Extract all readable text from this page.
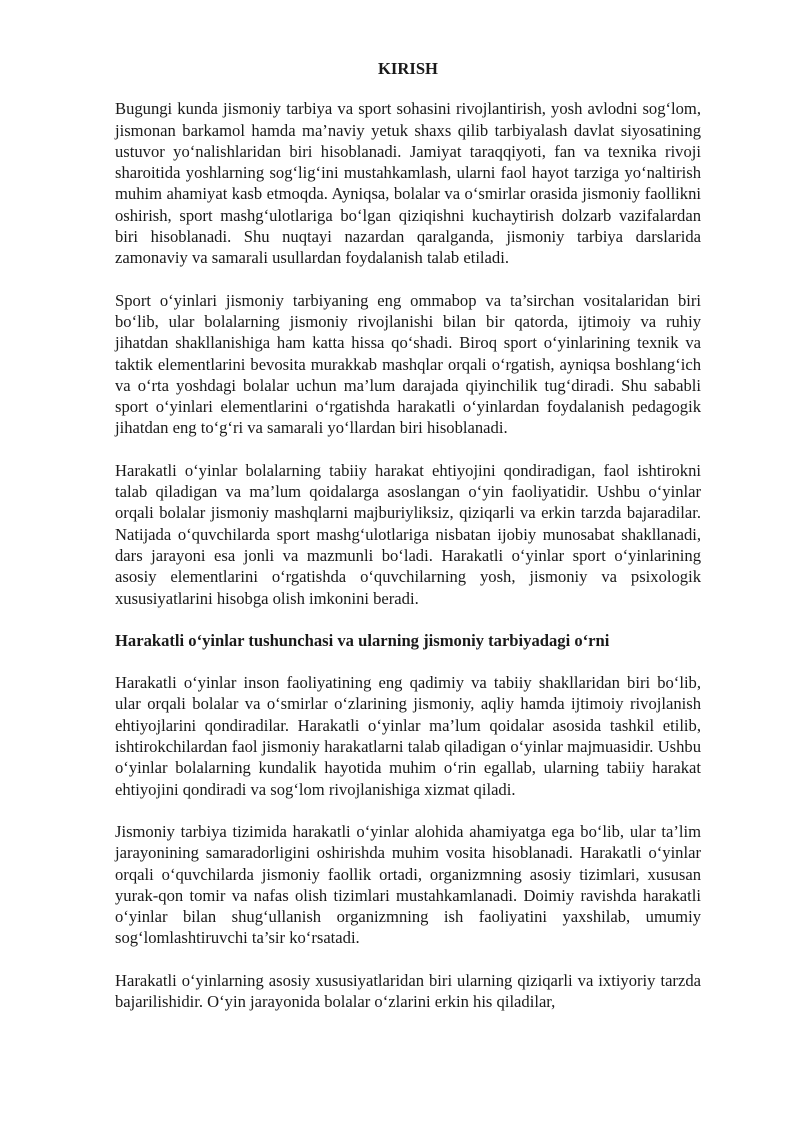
KIRISH

Bugungi kunda jismoniy tarbiya va sport sohasini rivojlantirish, yosh avlodni sog‘lom, jismonan barkamol hamda ma’naviy yetuk shaxs qilib tarbiyalash davlat siyosatining ustuvor yo‘nalishlaridan biri hisoblanadi. Jamiyat taraqqiyoti, fan va texnika rivoji sharoitida yoshlarning sog‘lig‘ini mustahkamlash, ularni faol hayot tarziga yo‘naltirish muhim ahamiyat kasb etmoqda. Ayniqsa, bolalar va o‘smirlar orasida jismoniy faollikni oshirish, sport mashg‘ulotlariga bo‘lgan qiziqishni kuchaytirish dolzarb vazifalardan biri hisoblanadi. Shu nuqtayi nazardan qaralganda, jismoniy tarbiya darslarida zamonaviy va samarali usullardan foydalanish talab etiladi.

Sport o‘yinlari jismoniy tarbiyaning eng ommabop va ta’sirchan vositalaridan biri bo‘lib, ular bolalarning jismoniy rivojlanishi bilan bir qatorda, ijtimoiy va ruhiy jihatdan shakllanishiga ham katta hissa qo‘shadi. Biroq sport o‘yinlarining texnik va taktik elementlarini bevosita murakkab mashqlar orqali o‘rgatish, ayniqsa boshlang‘ich va o‘rta yoshdagi bolalar uchun ma’lum darajada qiyinchilik tug‘diradi. Shu sababli sport o‘yinlari elementlarini o‘rgatishda harakatli o‘yinlardan foydalanish pedagogik jihatdan eng to‘g‘ri va samarali yo‘llardan biri hisoblanadi.

Harakatli o‘yinlar bolalarning tabiiy harakat ehtiyojini qondiradigan, faol ishtirokni talab qiladigan va ma’lum qoidalarga asoslangan o‘yin faoliyatidir. Ushbu o‘yinlar orqali bolalar jismoniy mashqlarni majburiyliksiz, qiziqarli va erkin tarzda bajaradilar. Natijada o‘quvchilarda sport mashg‘ulotlariga nisbatan ijobiy munosabat shakllanadi, dars jarayoni esa jonli va mazmunli bo‘ladi. Harakatli o‘yinlar sport o‘yinlarining asosiy elementlarini o‘rgatishda o‘quvchilarning yosh, jismoniy va psixologik xususiyatlarini hisobga olish imkonini beradi.

Harakatli o‘yinlar tushunchasi va ularning jismoniy tarbiyadagi o‘rni

Harakatli o‘yinlar inson faoliyatining eng qadimiy va tabiiy shakllaridan biri bo‘lib, ular orqali bolalar va o‘smirlar o‘zlarining jismoniy, aqliy hamda ijtimoiy rivojlanish ehtiyojlarini qondiradilar. Harakatli o‘yinlar ma’lum qoidalar asosida tashkil etilib, ishtirokchilardan faol jismoniy harakatlarni talab qiladigan o‘yinlar majmuasidir. Ushbu o‘yinlar bolalarning kundalik hayotida muhim o‘rin egallab, ularning tabiiy harakat ehtiyojini qondiradi va sog‘lom rivojlanishiga xizmat qiladi.

Jismoniy tarbiya tizimida harakatli o‘yinlar alohida ahamiyatga ega bo‘lib, ular ta’lim jarayonining samaradorligini oshirishda muhim vosita hisoblanadi. Harakatli o‘yinlar orqali o‘quvchilarda jismoniy faollik ortadi, organizmning asosiy tizimlari, xususan yurak-qon tomir va nafas olish tizimlari mustahkamlanadi. Doimiy ravishda harakatli o‘yinlar bilan shug‘ullanish organizmning ish faoliyatini yaxshilab, umumiy sog‘lomlashtiruvchi ta’sir ko‘rsatadi.

Harakatli o‘yinlarning asosiy xususiyatlaridan biri ularning qiziqarli va ixtiyoriy tarzda bajarilishidir. O‘yin jarayonida bolalar o‘zlarini erkin his qiladilar,
